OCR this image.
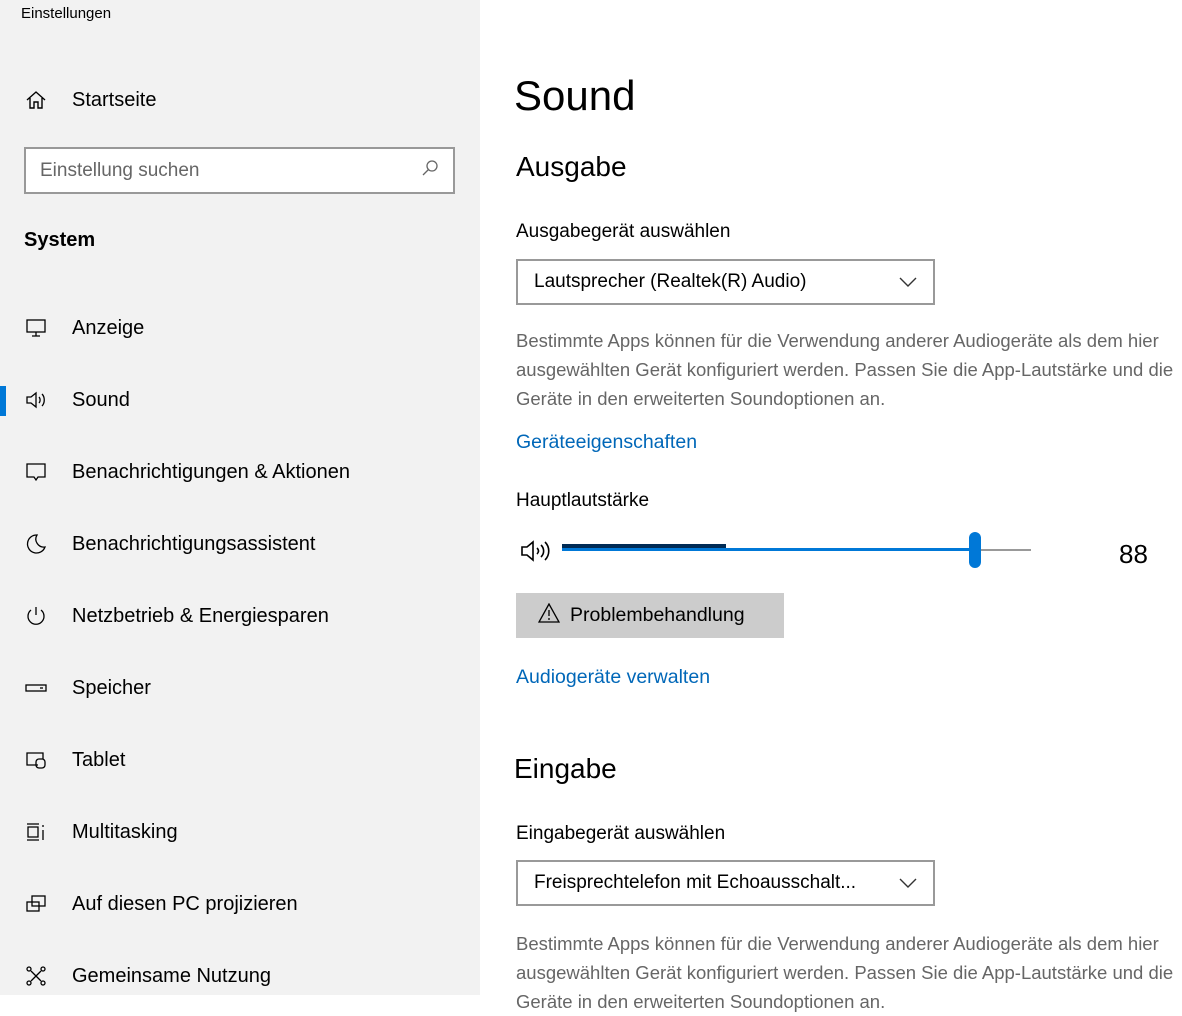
Einstellungen
Startseite
Einstellung suchen
System
Anzeige
Sound
Benachrichtigungen & Aktionen
Benachrichtigungsassistent
Netzbetrieb & Energiesparen
Speicher
Tablet
Multitasking
Auf diesen PC projizieren
Gemeinsame Nutzung
Sound
Ausgabe
Ausgabegerät auswählen
Lautsprecher (Realtek(R) Audio)
Bestimmte Apps können für die Verwendung anderer Audiogeräte als dem hier ausgewählten Gerät konfiguriert werden. Passen Sie die App-Lautstärke und die Geräte in den erweiterten Soundoptionen an.
Geräteeigenschaften
Hauptlautstärke
88
Problembehandlung
Audiogeräte verwalten
Eingabe
Eingabegerät auswählen
Freisprechtelefon mit Echoausschalt...
Bestimmte Apps können für die Verwendung anderer Audiogeräte als dem hier ausgewählten Gerät konfiguriert werden. Passen Sie die App-Lautstärke und die Geräte in den erweiterten Soundoptionen an.
